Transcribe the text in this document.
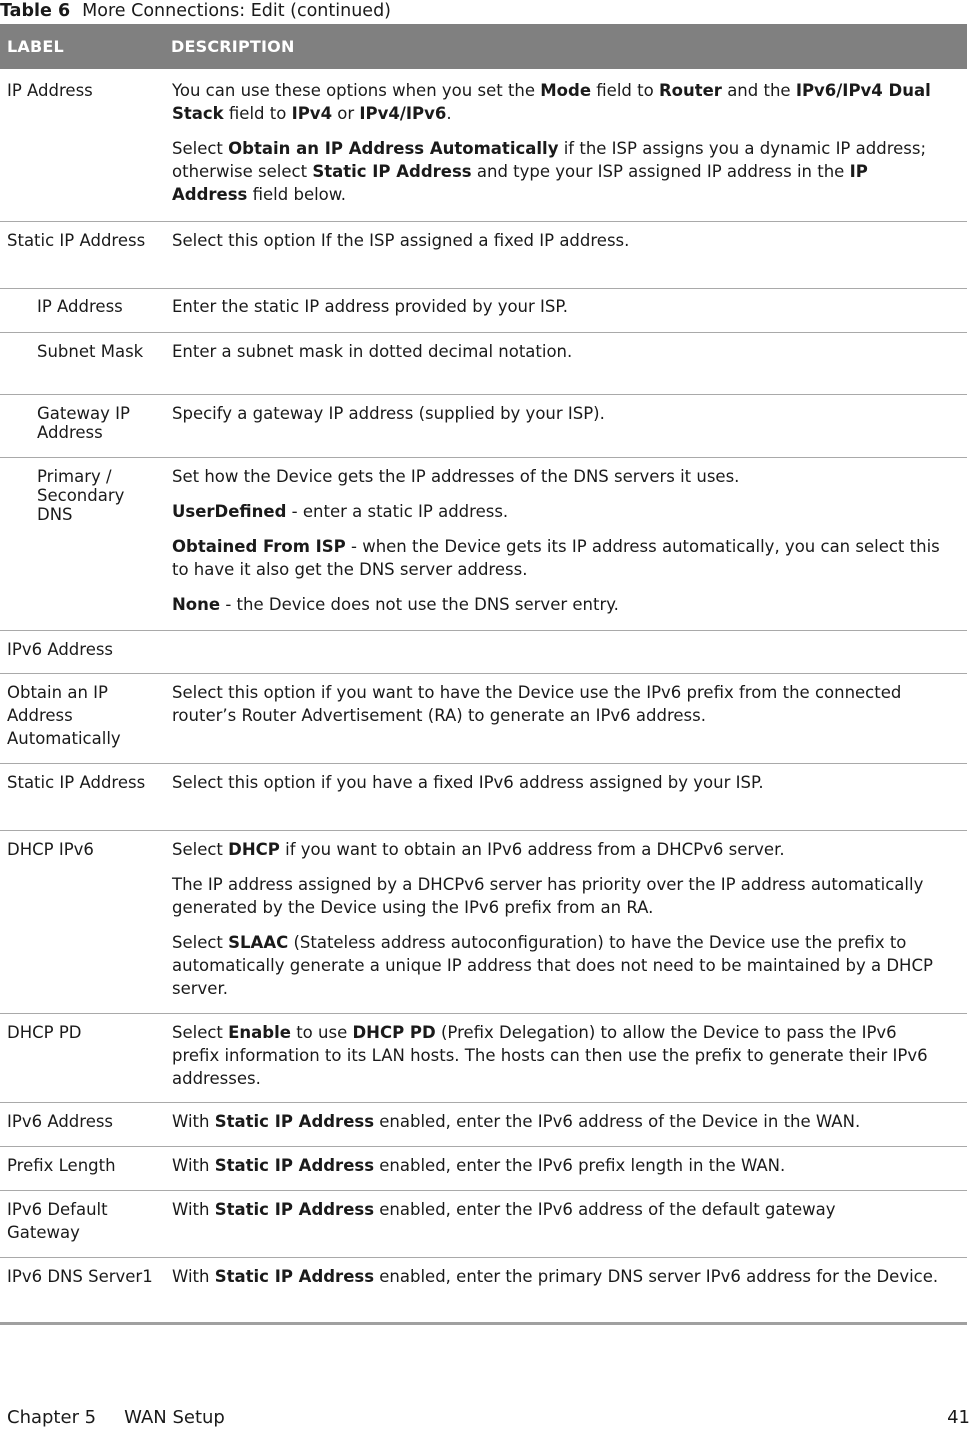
Table 6 More Connections: Edit (continued)
LABEL	DESCRIPTION
IP Address	You can use these options when you set the Mode field to Router and the IPv6/IPv4 Dual Stack field to IPv4 or IPv4/IPv6.

Select Obtain an IP Address Automatically if the ISP assigns you a dynamic IP address; otherwise select Static IP Address and type your ISP assigned IP address in the IP Address field below.

Static IP Address	Select this option If the ISP assigned a fixed IP address.

IP Address	Enter the static IP address provided by your ISP.

Subnet Mask	Enter a subnet mask in dotted decimal notation.

Gateway IP Address	Specify a gateway IP address (supplied by your ISP).

Primary / Secondary DNS	Set how the Device gets the IP addresses of the DNS servers it uses.

UserDefined - enter a static IP address.

Obtained From ISP - when the Device gets its IP address automatically, you can select this to have it also get the DNS server address.

None - the Device does not use the DNS server entry.

IPv6 Address	
Obtain an IP Address Automatically	Select this option if you want to have the Device use the IPv6 prefix from the connected router’s Router Advertisement (RA) to generate an IPv6 address.

Static IP Address	Select this option if you have a fixed IPv6 address assigned by your ISP.

DHCP IPv6	Select DHCP if you want to obtain an IPv6 address from a DHCPv6 server.

The IP address assigned by a DHCPv6 server has priority over the IP address automatically generated by the Device using the IPv6 prefix from an RA.

Select SLAAC (Stateless address autoconfiguration) to have the Device use the prefix to automatically generate a unique IP address that does not need to be maintained by a DHCP server.

DHCP PD	Select Enable to use DHCP PD (Prefix Delegation) to allow the Device to pass the IPv6 prefix information to its LAN hosts. The hosts can then use the prefix to generate their IPv6 addresses.

IPv6 Address	With Static IP Address enabled, enter the IPv6 address of the Device in the WAN.

Prefix Length	With Static IP Address enabled, enter the IPv6 prefix length in the WAN.

IPv6 Default Gateway	With Static IP Address enabled, enter the IPv6 address of the default gateway

IPv6 DNS Server1	With Static IP Address enabled, enter the primary DNS server IPv6 address for the Device.

Chapter 5 WAN Setup	41
